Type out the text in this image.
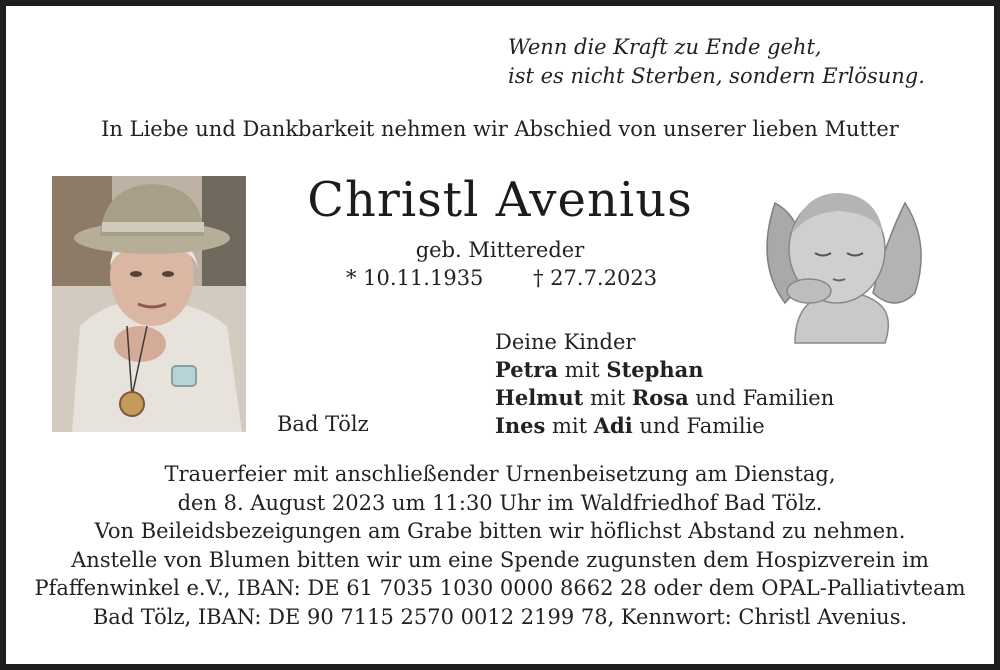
Wenn die Kraft zu Ende geht,
ist es nicht Sterben, sondern Erlösung.
In Liebe und Dankbarkeit nehmen wir Abschied von unserer lieben Mutter
Christl Avenius
geb. Mittereder
* 10.11.1935 † 27.7.2023
Bad Tölz
Deine Kinder
Petra mit Stephan
Helmut mit Rosa und Familien
Ines mit Adi und Familie
Trauerfeier mit anschließender Urnenbeisetzung am Dienstag,
den 8. August 2023 um 11:30 Uhr im Waldfriedhof Bad Tölz.
Von Beileidsbezeigungen am Grabe bitten wir höflichst Abstand zu nehmen.
Anstelle von Blumen bitten wir um eine Spende zugunsten dem Hospizverein im
Pfaffenwinkel e.V., IBAN: DE 61 7035 1030 0000 8662 28 oder dem OPAL-Palliativteam
Bad Tölz, IBAN: DE 90 7115 2570 0012 2199 78, Kennwort: Christl Avenius.
